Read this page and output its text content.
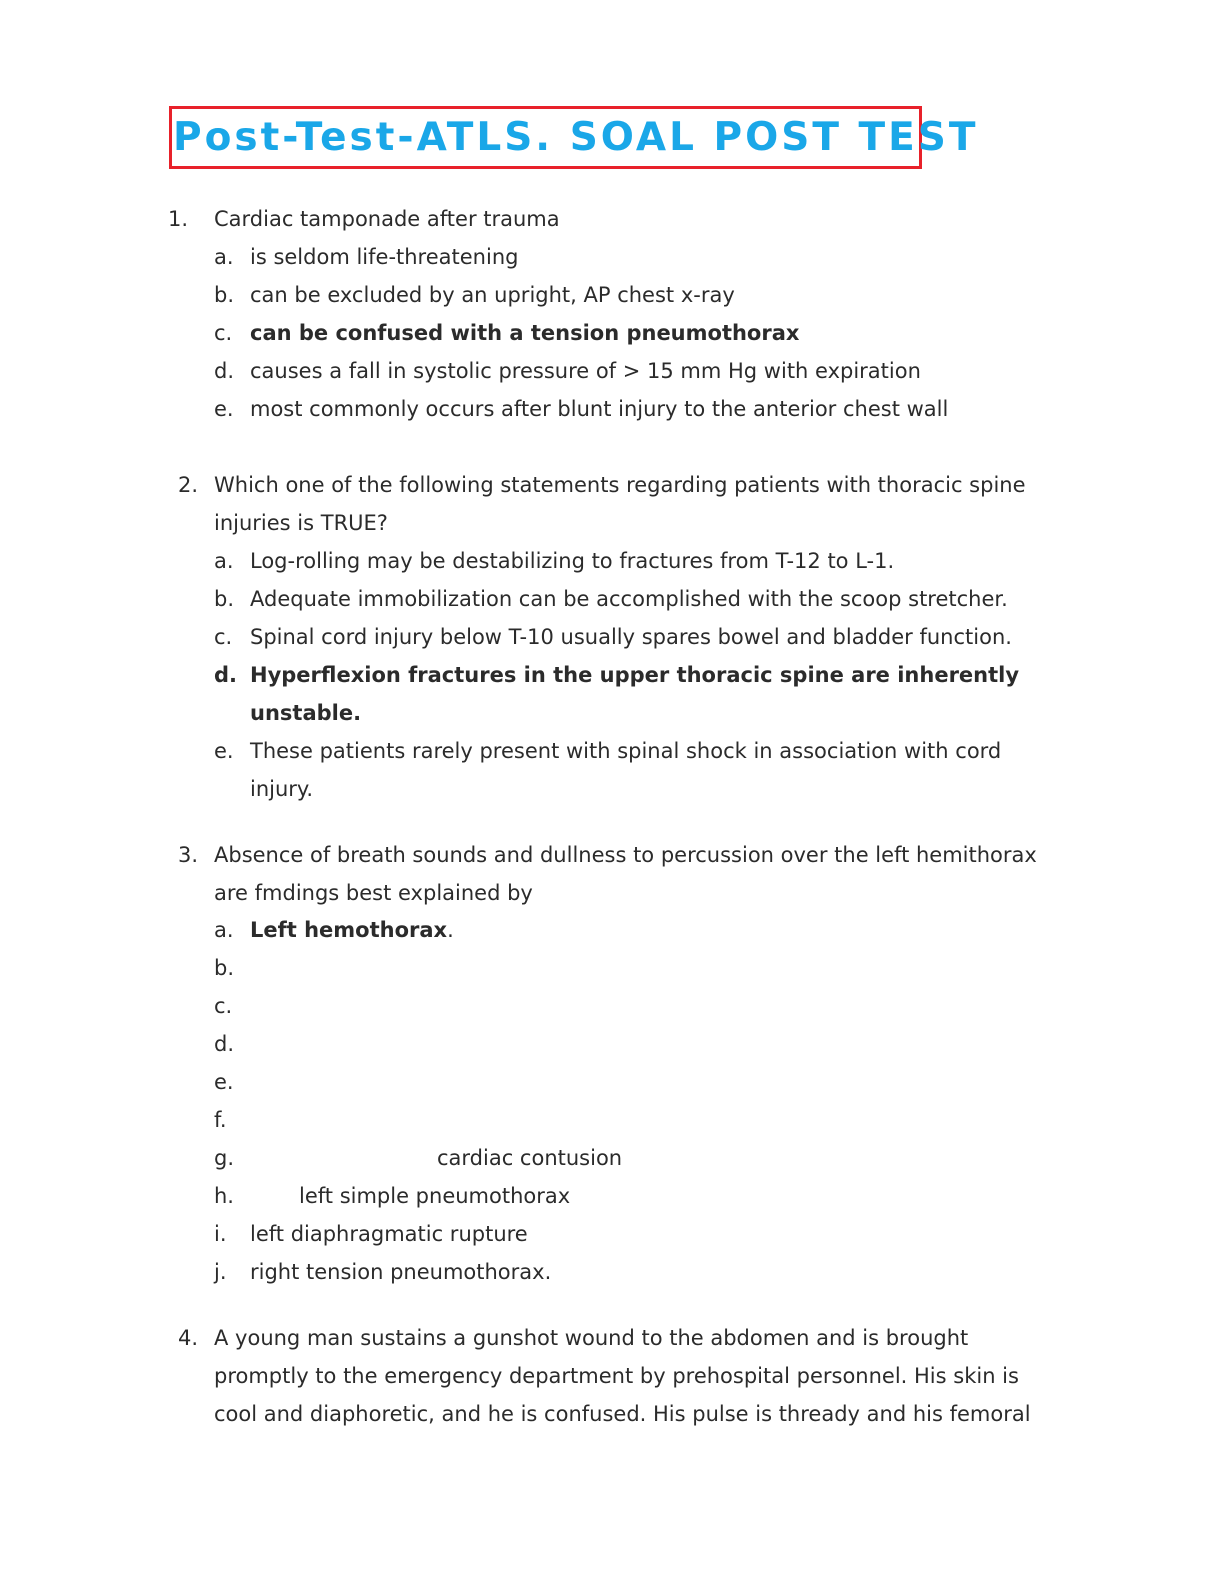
Post-Test-ATLS. SOAL POST TEST
1. Cardiac tamponade after trauma
a. is seldom life-threatening
b. can be excluded by an upright, AP chest x-ray
c. can be confused with a tension pneumothorax
d. causes a fall in systolic pressure of > 15 mm Hg with expiration
e. most commonly occurs after blunt injury to the anterior chest wall
2. Which one of the following statements regarding patients with thoracic spine
injuries is TRUE?
a. Log-rolling may be destabilizing to fractures from T-12 to L-1.
b. Adequate immobilization can be accomplished with the scoop stretcher.
c. Spinal cord injury below T-10 usually spares bowel and bladder function.
d. Hyperflexion fractures in the upper thoracic spine are inherently
unstable.
e. These patients rarely present with spinal shock in association with cord
injury.
3. Absence of breath sounds and dullness to percussion over the left hemithorax
are fmdings best explained by
a. Left hemothorax.
b.
c.
d.
e.
f.
g.	cardiac contusion
h.	left simple pneumothorax
i. left diaphragmatic rupture
j. right tension pneumothorax.
4. A young man sustains a gunshot wound to the abdomen and is brought
promptly to the emergency department by prehospital personnel. His skin is
cool and diaphoretic, and he is confused. His pulse is thready and his femoral
